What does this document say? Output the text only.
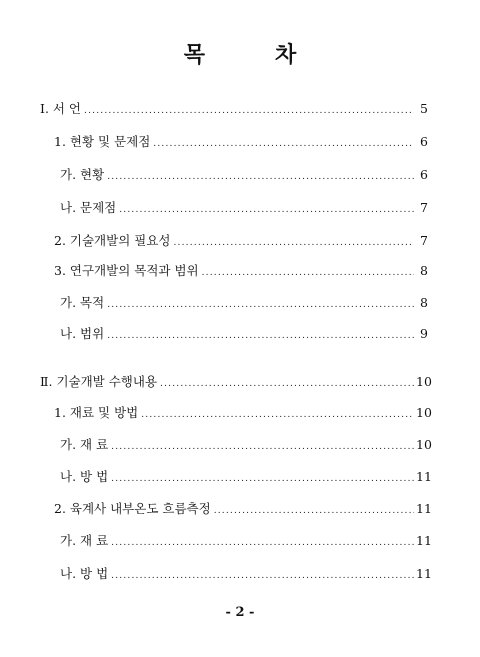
목	차
Ⅰ. 서 언 .....	5
1. 현황 및 문제점 .....	6
가. 현황 .....	6
나. 문제점 .....	7
2. 기술개발의 필요성 .....	7
3. 연구개발의 목적과 범위 .....	8
가. 목적 .....	8
나. 범위 .....	9
Ⅱ. 기술개발 수행내용 .....	10
1. 재료 및 방법 .....	10
가. 재 료 .....	10
나. 방 법 .....	11
2. 육계사 내부온도 흐름측정 .....	11
가. 재 료 .....	11
나. 방 법 .....	11
- 2 -
